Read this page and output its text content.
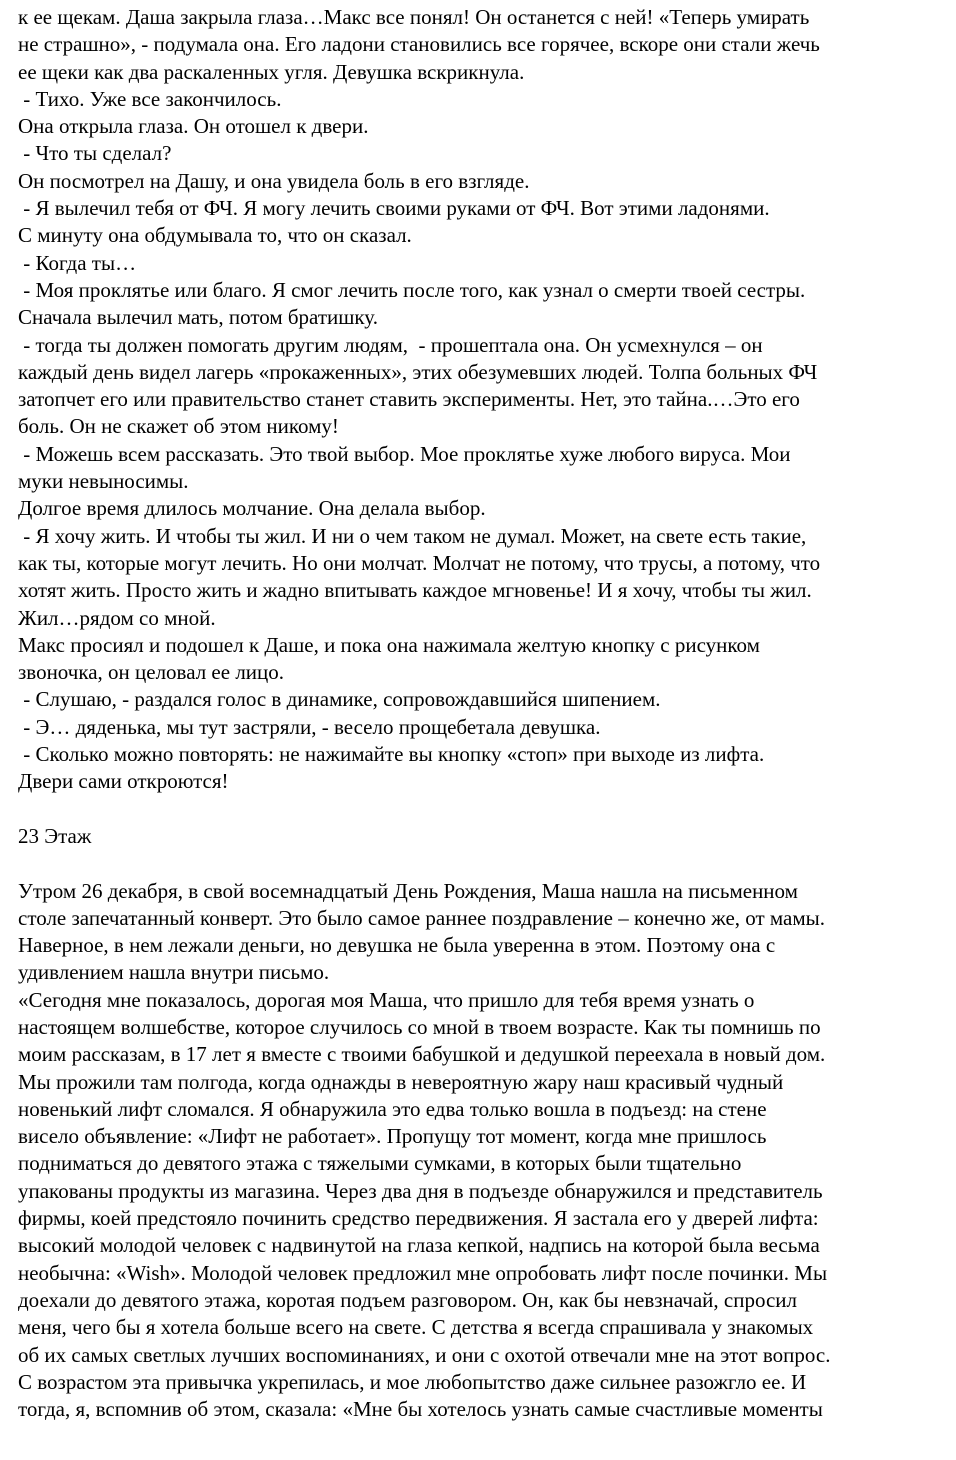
к ее щекам. Даша закрыла глаза…Макс все понял! Он останется с ней! «Теперь умирать
не страшно», - подумала она. Его ладони становились все горячее, вскоре они стали жечь
ее щеки как два раскаленных угля. Девушка вскрикнула.
- Тихо. Уже все закончилось.
Она открыла глаза. Он отошел к двери.
- Что ты сделал?
Он посмотрел на Дашу, и она увидела боль в его взгляде.
- Я вылечил тебя от ФЧ. Я могу лечить своими руками от ФЧ. Вот этими ладонями.
С минуту она обдумывала то, что он сказал.
- Когда ты…
- Моя проклятье или благо. Я смог лечить после того, как узнал о смерти твоей сестры.
Сначала вылечил мать, потом братишку.
- тогда ты должен помогать другим людям,  - прошептала она. Он усмехнулся – он
каждый день видел лагерь «прокаженных», этих обезумевших людей. Толпа больных ФЧ
затопчет его или правительство станет ставить эксперименты. Нет, это тайна.…Это его
боль. Он не скажет об этом никому!
- Можешь всем рассказать. Это твой выбор. Мое проклятье хуже любого вируса. Мои
муки невыносимы.
Долгое время длилось молчание. Она делала выбор.
- Я хочу жить. И чтобы ты жил. И ни о чем таком не думал. Может, на свете есть такие,
как ты, которые могут лечить. Но они молчат. Молчат не потому, что трусы, а потому, что
хотят жить. Просто жить и жадно впитывать каждое мгновенье! И я хочу, чтобы ты жил.
Жил…рядом со мной.
Макс просиял и подошел к Даше, и пока она нажимала желтую кнопку с рисунком
звоночка, он целовал ее лицо.
- Слушаю, - раздался голос в динамике, сопровождавшийся шипением.
- Э… дяденька, мы тут застряли, - весело прощебетала девушка.
- Сколько можно повторять: не нажимайте вы кнопку «стоп» при выходе из лифта.
Двери сами откроются!
23 Этаж
Утром 26 декабря, в свой восемнадцатый День Рождения, Маша нашла на письменном
столе запечатанный конверт. Это было самое раннее поздравление – конечно же, от мамы.
Наверное, в нем лежали деньги, но девушка не была уверенна в этом. Поэтому она с
удивлением нашла внутри письмо.
«Сегодня мне показалось, дорогая моя Маша, что пришло для тебя время узнать о
настоящем волшебстве, которое случилось со мной в твоем возрасте. Как ты помнишь по
моим рассказам, в 17 лет я вместе с твоими бабушкой и дедушкой переехала в новый дом.
Мы прожили там полгода, когда однажды в невероятную жару наш красивый чудный
новенький лифт сломался. Я обнаружила это едва только вошла в подъезд: на стене
висело объявление: «Лифт не работает». Пропущу тот момент, когда мне пришлось
подниматься до девятого этажа с тяжелыми сумками, в которых были тщательно
упакованы продукты из магазина. Через два дня в подъезде обнаружился и представитель
фирмы, коей предстояло починить средство передвижения. Я застала его у дверей лифта:
высокий молодой человек с надвинутой на глаза кепкой, надпись на которой была весьма
необычна: «Wish». Молодой человек предложил мне опробовать лифт после починки. Мы
доехали до девятого этажа, коротая подъем разговором. Он, как бы невзначай, спросил
меня, чего бы я хотела больше всего на свете. С детства я всегда спрашивала у знакомых
об их самых светлых лучших воспоминаниях, и они с охотой отвечали мне на этот вопрос.
С возрастом эта привычка укрепилась, и мое любопытство даже сильнее разожгло ее. И
тогда, я, вспомнив об этом, сказала: «Мне бы хотелось узнать самые счастливые моменты
